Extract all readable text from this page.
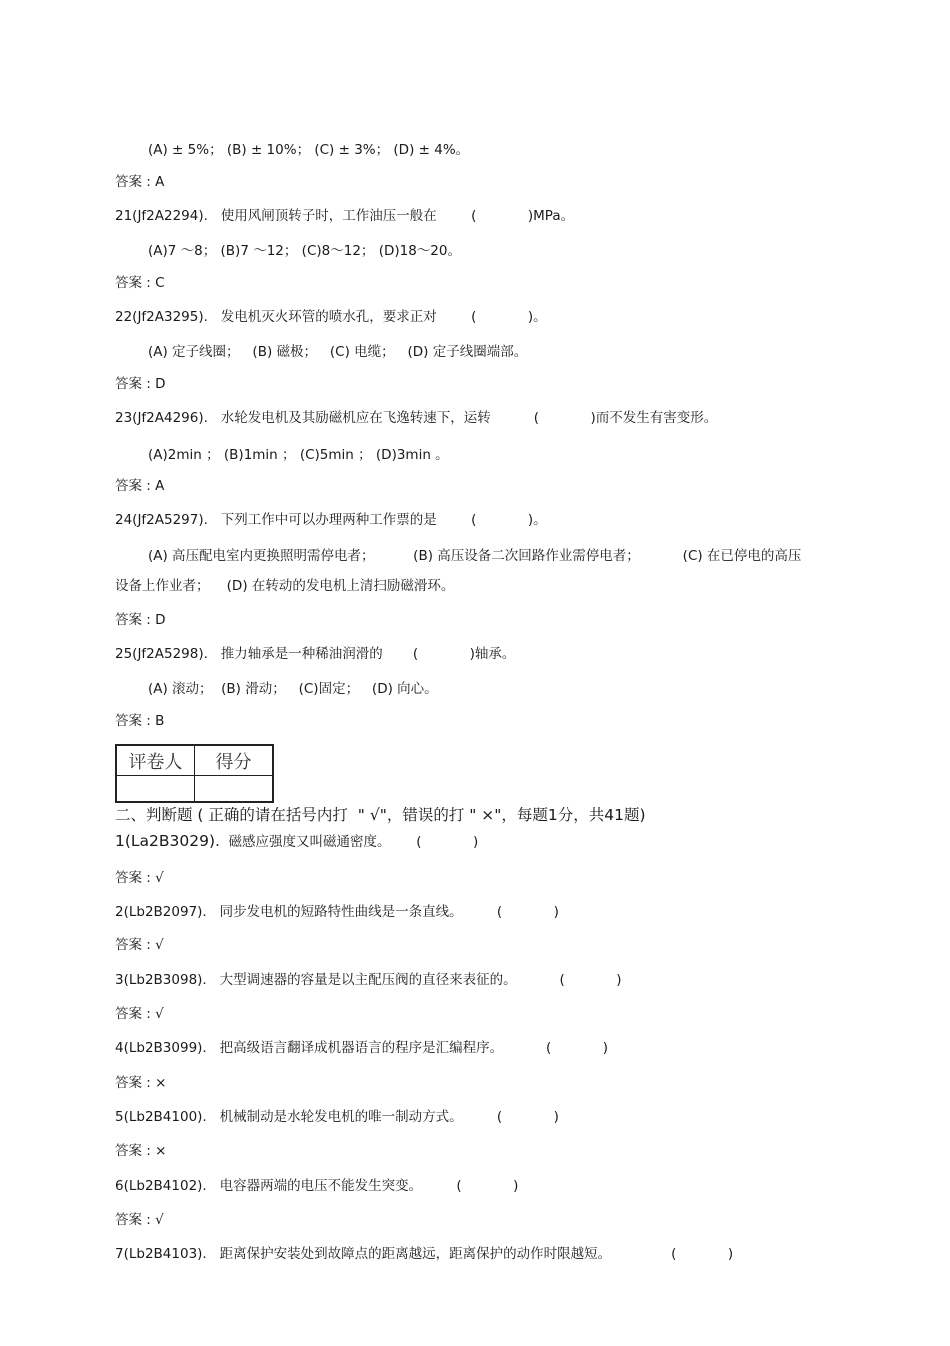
(A) ± 5%； (B) ± 10%； (C) ± 3%； (D) ± 4%。
答案 : A
21(Jf2A2294).   使用风闸顶转子时，工作油压一般在        (            )MPa。
(A)7 ～8； (B)7 ～12； (C)8～12； (D)18～20。
答案 : C
22(Jf2A3295).   发电机灭火环管的喷水孔，要求正对        (            )。
(A) 定子线圈；   (B) 磁极；   (C) 电缆；   (D) 定子线圈端部。
答案 : D
23(Jf2A4296).   水轮发电机及其励磁机应在飞逸转速下，运转          (            )而不发生有害变形。
(A)2min ； (B)1min ； (C)5min ； (D)3min 。
答案 : A
24(Jf2A5297).   下列工作中可以办理两种工作票的是        (            )。
(A) 高压配电室内更换照明需停电者；         (B) 高压设备二次回路作业需停电者；          (C) 在已停电的高压
设备上作业者；    (D) 在转动的发电机上清扫励磁滑环。
答案 : D
25(Jf2A5298).   推力轴承是一种稀油润滑的       (            )轴承。
(A) 滚动；  (B) 滑动；   (C)固定；   (D) 向心。
答案 : B
评卷人	得分

二、判断题 ( 正确的请在括号内打  " √"，错误的打 " ×"，每题1分，共41题)
1(La2B3029).  磁感应强度又叫磁通密度。      (            )
答案 : √
2(Lb2B2097).   同步发电机的短路特性曲线是一条直线。        (            )
答案 : √
3(Lb2B3098).   大型调速器的容量是以主配压阀的直径来表征的。          (            )
答案 : √
4(Lb2B3099).   把高级语言翻译成机器语言的程序是汇编程序。          (            )
答案 : ×
5(Lb2B4100).   机械制动是水轮发电机的唯一制动方式。        (            )
答案 : ×
6(Lb2B4102).   电容器两端的电压不能发生突变。        (            )
答案 : √
7(Lb2B4103).   距离保护安装处到故障点的距离越远，距离保护的动作时限越短。              (            )
